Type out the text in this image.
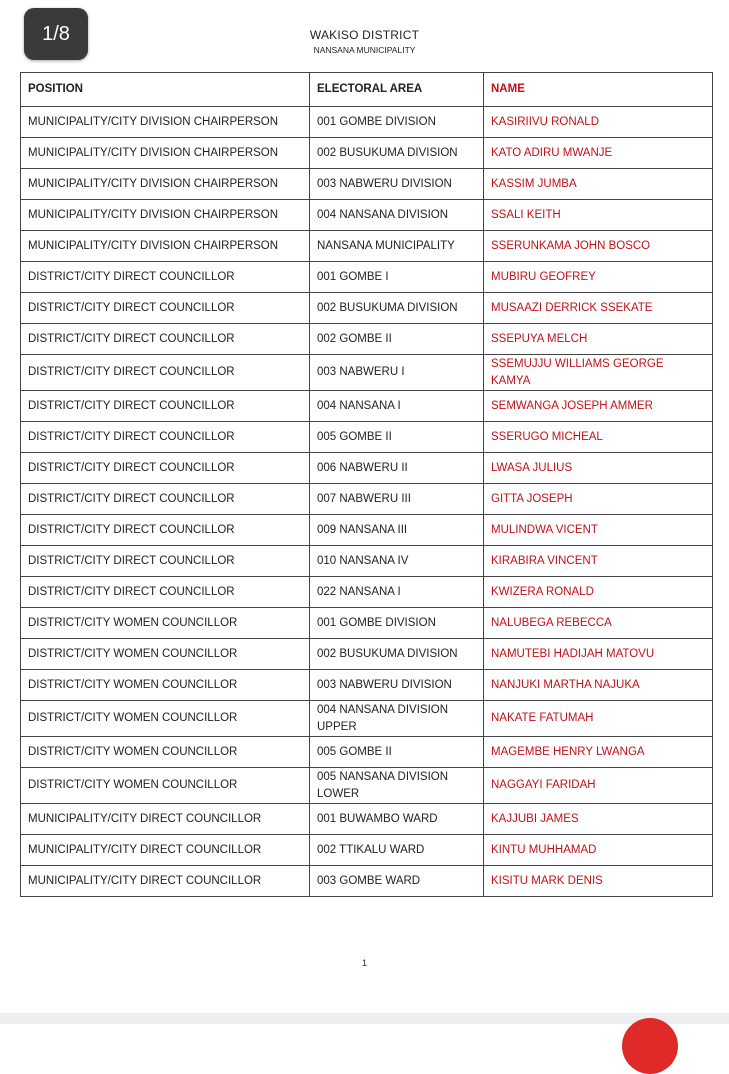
1/8	WAKISO DISTRICT
NANSANA MUNICIPALITY
POSITION	ELECTORAL AREA	NAME
MUNICIPALITY/CITY DIVISION CHAIRPERSON	001 GOMBE DIVISION	KASIRIIVU RONALD
MUNICIPALITY/CITY DIVISION CHAIRPERSON	002 BUSUKUMA DIVISION	KATO ADIRU MWANJE
MUNICIPALITY/CITY DIVISION CHAIRPERSON	003 NABWERU DIVISION	KASSIM JUMBA
MUNICIPALITY/CITY DIVISION CHAIRPERSON	004 NANSANA DIVISION	SSALI KEITH
MUNICIPALITY/CITY DIVISION CHAIRPERSON	NANSANA MUNICIPALITY	SSERUNKAMA JOHN BOSCO
DISTRICT/CITY DIRECT COUNCILLOR	001 GOMBE I	MUBIRU GEOFREY
DISTRICT/CITY DIRECT COUNCILLOR	002 BUSUKUMA DIVISION	MUSAAZI DERRICK SSEKATE
DISTRICT/CITY DIRECT COUNCILLOR	002 GOMBE II	SSEPUYA MELCH
DISTRICT/CITY DIRECT COUNCILLOR	003 NABWERU I	SSEMUJJU WILLIAMS GEORGE KAMYA
DISTRICT/CITY DIRECT COUNCILLOR	004 NANSANA I	SEMWANGA JOSEPH AMMER
DISTRICT/CITY DIRECT COUNCILLOR	005 GOMBE II	SSERUGO MICHEAL
DISTRICT/CITY DIRECT COUNCILLOR	006 NABWERU II	LWASA JULIUS
DISTRICT/CITY DIRECT COUNCILLOR	007 NABWERU III	GITTA JOSEPH
DISTRICT/CITY DIRECT COUNCILLOR	009 NANSANA III	MULINDWA VICENT
DISTRICT/CITY DIRECT COUNCILLOR	010 NANSANA IV	KIRABIRA VINCENT
DISTRICT/CITY DIRECT COUNCILLOR	022 NANSANA I	KWIZERA RONALD
DISTRICT/CITY WOMEN COUNCILLOR	001 GOMBE DIVISION	NALUBEGA REBECCA
DISTRICT/CITY WOMEN COUNCILLOR	002 BUSUKUMA DIVISION	NAMUTEBI HADIJAH MATOVU
DISTRICT/CITY WOMEN COUNCILLOR	003 NABWERU DIVISION	NANJUKI MARTHA NAJUKA
DISTRICT/CITY WOMEN COUNCILLOR	004 NANSANA DIVISION UPPER	NAKATE FATUMAH
DISTRICT/CITY WOMEN COUNCILLOR	005 GOMBE II	MAGEMBE HENRY LWANGA
DISTRICT/CITY WOMEN COUNCILLOR	005 NANSANA DIVISION LOWER	NAGGAYI FARIDAH
MUNICIPALITY/CITY DIRECT COUNCILLOR	001 BUWAMBO WARD	KAJJUBI JAMES
MUNICIPALITY/CITY DIRECT COUNCILLOR	002 TTIKALU WARD	KINTU MUHHAMAD
MUNICIPALITY/CITY DIRECT COUNCILLOR	003 GOMBE WARD	KISITU MARK DENIS
1
